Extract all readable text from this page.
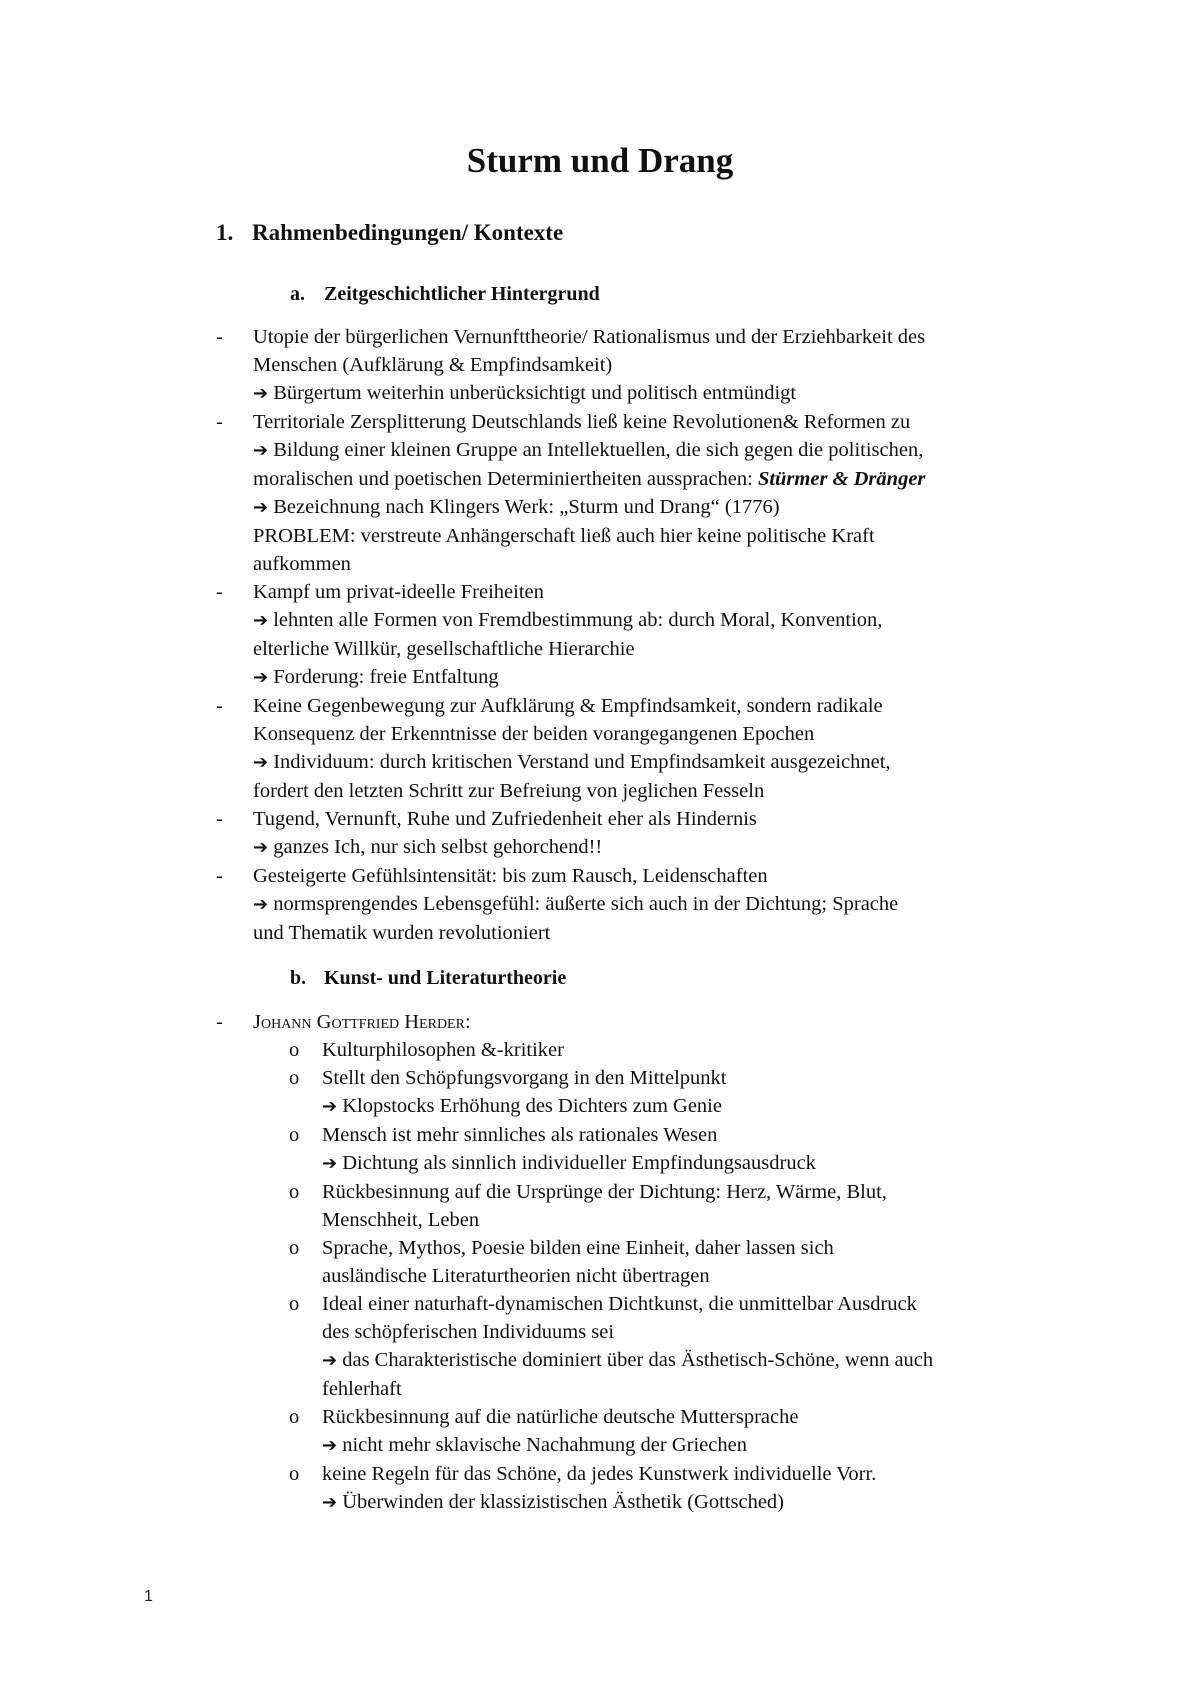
Sturm und Drang
1. Rahmenbedingungen/ Kontexte
a. Zeitgeschichtlicher Hintergrund
- Utopie der bürgerlichen Vernunfttheorie/ Rationalismus und der Erziehbarkeit des
Menschen (Aufklärung & Empfindsamkeit)
➔ Bürgertum weiterhin unberücksichtigt und politisch entmündigt
- Territoriale Zersplitterung Deutschlands ließ keine Revolutionen& Reformen zu
➔ Bildung einer kleinen Gruppe an Intellektuellen, die sich gegen die politischen,
moralischen und poetischen Determiniertheiten aussprachen: Stürmer & Dränger
➔ Bezeichnung nach Klingers Werk: „Sturm und Drang“ (1776)
PROBLEM: verstreute Anhängerschaft ließ auch hier keine politische Kraft
aufkommen
- Kampf um privat-ideelle Freiheiten
➔ lehnten alle Formen von Fremdbestimmung ab: durch Moral, Konvention,
elterliche Willkür, gesellschaftliche Hierarchie
➔ Forderung: freie Entfaltung
- Keine Gegenbewegung zur Aufklärung & Empfindsamkeit, sondern radikale
Konsequenz der Erkenntnisse der beiden vorangegangenen Epochen
➔ Individuum: durch kritischen Verstand und Empfindsamkeit ausgezeichnet,
fordert den letzten Schritt zur Befreiung von jeglichen Fesseln
- Tugend, Vernunft, Ruhe und Zufriedenheit eher als Hindernis
➔ ganzes Ich, nur sich selbst gehorchend!!
- Gesteigerte Gefühlsintensität: bis zum Rausch, Leidenschaften
➔ normsprengendes Lebensgefühl: äußerte sich auch in der Dichtung; Sprache
und Thematik wurden revolutioniert
b. Kunst- und Literaturtheorie
- Johann Gottfried Herder:
o	Kulturphilosophen &-kritiker
o	Stellt den Schöpfungsvorgang in den Mittelpunkt
➔ Klopstocks Erhöhung des Dichters zum Genie
o	Mensch ist mehr sinnliches als rationales Wesen
➔ Dichtung als sinnlich individueller Empfindungsausdruck
o	Rückbesinnung auf die Ursprünge der Dichtung: Herz, Wärme, Blut,
Menschheit, Leben
o	Sprache, Mythos, Poesie bilden eine Einheit, daher lassen sich
ausländische Literaturtheorien nicht übertragen
o	Ideal einer naturhaft-dynamischen Dichtkunst, die unmittelbar Ausdruck
des schöpferischen Individuums sei
➔ das Charakteristische dominiert über das Ästhetisch-Schöne, wenn auch
fehlerhaft
o	Rückbesinnung auf die natürliche deutsche Muttersprache
➔ nicht mehr sklavische Nachahmung der Griechen
o	keine Regeln für das Schöne, da jedes Kunstwerk individuelle Vorr.
➔ Überwinden der klassizistischen Ästhetik (Gottsched)
1
